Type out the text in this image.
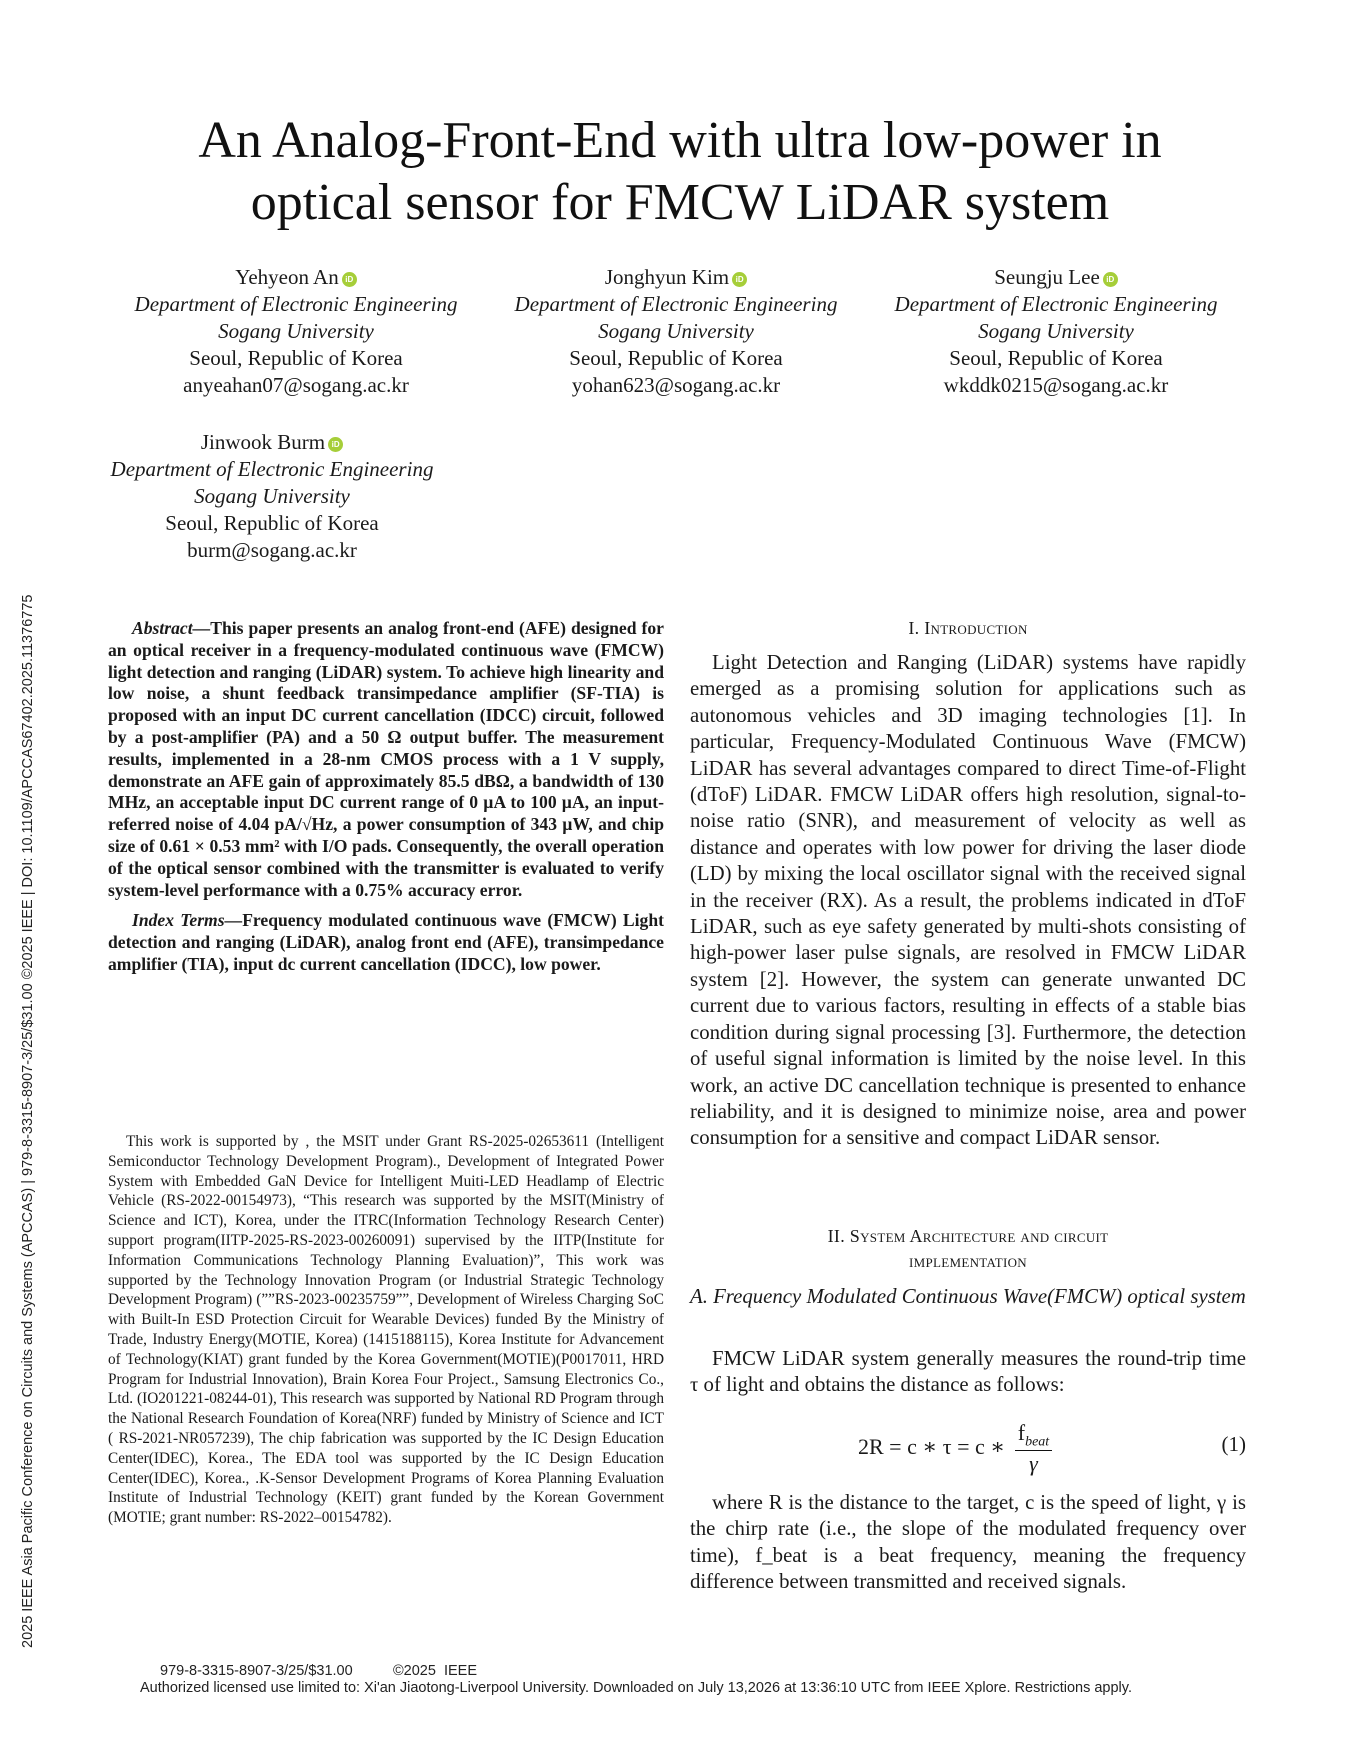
2025 IEEE Asia Pacific Conference on Circuits and Systems (APCCAS) | 979-8-3315-8907-3/25/$31.00 ©2025 IEEE | DOI: 10.1109/APCCAS67402.2025.11376775
An Analog-Front-End with ultra low-power in
optical sensor for FMCW LiDAR system
Yehyeon An iD
Department of Electronic Engineering
Sogang University
Seoul, Republic of Korea
anyeahan07@sogang.ac.kr
Jonghyun Kim iD
Department of Electronic Engineering
Sogang University
Seoul, Republic of Korea
yohan623@sogang.ac.kr
Seungju Lee iD
Department of Electronic Engineering
Sogang University
Seoul, Republic of Korea
wkddk0215@sogang.ac.kr
Jinwook Burm iD
Department of Electronic Engineering
Sogang University
Seoul, Republic of Korea
burm@sogang.ac.kr

Abstract—This paper presents an analog front-end (AFE) designed for an optical receiver in a frequency-modulated continuous wave (FMCW) light detection and ranging (LiDAR) system. To achieve high linearity and low noise, a shunt feedback transimpedance amplifier (SF-TIA) is proposed with an input DC current cancellation (IDCC) circuit, followed by a post-amplifier (PA) and a 50 Ω output buffer. The measurement results, implemented in a 28-nm CMOS process with a 1 V supply, demonstrate an AFE gain of approximately 85.5 dBΩ, a bandwidth of 130 MHz, an acceptable input DC current range of 0 µA to 100 µA, an input-referred noise of 4.04 pA/√Hz, a power consumption of 343 µW, and chip size of 0.61 × 0.53 mm² with I/O pads. Consequently, the overall operation of the optical sensor combined with the transmitter is evaluated to verify system-level performance with a 0.75% accuracy error.

Index Terms—Frequency modulated continuous wave (FMCW) Light detection and ranging (LiDAR), analog front end (AFE), transimpedance amplifier (TIA), input dc current cancellation (IDCC), low power.

This work is supported by , the MSIT under Grant RS-2025-02653611 (Intelligent Semiconductor Technology Development Program)., Development of Integrated Power System with Embedded GaN Device for Intelligent Muiti-LED Headlamp of Electric Vehicle (RS-2022-00154973), “This research was supported by the MSIT(Ministry of Science and ICT), Korea, under the ITRC(Information Technology Research Center) support program(IITP-2025-RS-2023-00260091) supervised by the IITP(Institute for Information Communications Technology Planning Evaluation)”, This work was supported by the Technology Innovation Program (or Industrial Strategic Technology Development Program) (””RS-2023-00235759””, Development of Wireless Charging SoC with Built-In ESD Protection Circuit for Wearable Devices) funded By the Ministry of Trade, Industry Energy(MOTIE, Korea) (1415188115), Korea Institute for Advancement of Technology(KIAT) grant funded by the Korea Government(MOTIE)(P0017011, HRD Program for Industrial Innovation), Brain Korea Four Project., Samsung Electronics Co., Ltd. (IO201221-08244-01), This research was supported by National RD Program through the National Research Foundation of Korea(NRF) funded by Ministry of Science and ICT ( RS-2021-NR057239), The chip fabrication was supported by the IC Design Education Center(IDEC), Korea., The EDA tool was supported by the IC Design Education Center(IDEC), Korea., .K-Sensor Development Programs of Korea Planning Evaluation Institute of Industrial Technology (KEIT) grant funded by the Korean Government (MOTIE; grant number: RS-2022–00154782).
I. Introduction
Light Detection and Ranging (LiDAR) systems have rapidly emerged as a promising solution for applications such as autonomous vehicles and 3D imaging technologies [1]. In particular, Frequency-Modulated Continuous Wave (FMCW) LiDAR has several advantages compared to direct Time-of-Flight (dToF) LiDAR. FMCW LiDAR offers high resolution, signal-to-noise ratio (SNR), and measurement of velocity as well as distance and operates with low power for driving the laser diode (LD) by mixing the local oscillator signal with the received signal in the receiver (RX). As a result, the problems indicated in dToF LiDAR, such as eye safety generated by multi-shots consisting of high-power laser pulse signals, are resolved in FMCW LiDAR system [2]. However, the system can generate unwanted DC current due to various factors, resulting in effects of a stable bias condition during signal processing [3]. Furthermore, the detection of useful signal information is limited by the noise level. In this work, an active DC cancellation technique is presented to enhance reliability, and it is designed to minimize noise, area and power consumption for a sensitive and compact LiDAR sensor.
II. System Architecture and circuit
implementation
A. Frequency Modulated Continuous Wave(FMCW) optical system
FMCW LiDAR system generally measures the round-trip time τ of light and obtains the distance as follows:
2R = c ∗ τ = c ∗ $\frac{f_{beat}}{\gamma}$	(1)
where R is the distance to the target, c is the speed of light, γ is the chirp rate (i.e., the slope of the modulated frequency over time), f_beat is a beat frequency, meaning the frequency difference between transmitted and received signals.
979-8-3315-8907-3/25/$31.00          ©2025  IEEE
Authorized licensed use limited to: Xi'an Jiaotong-Liverpool University. Downloaded on July 13,2026 at 13:36:10 UTC from IEEE Xplore. Restrictions apply.
